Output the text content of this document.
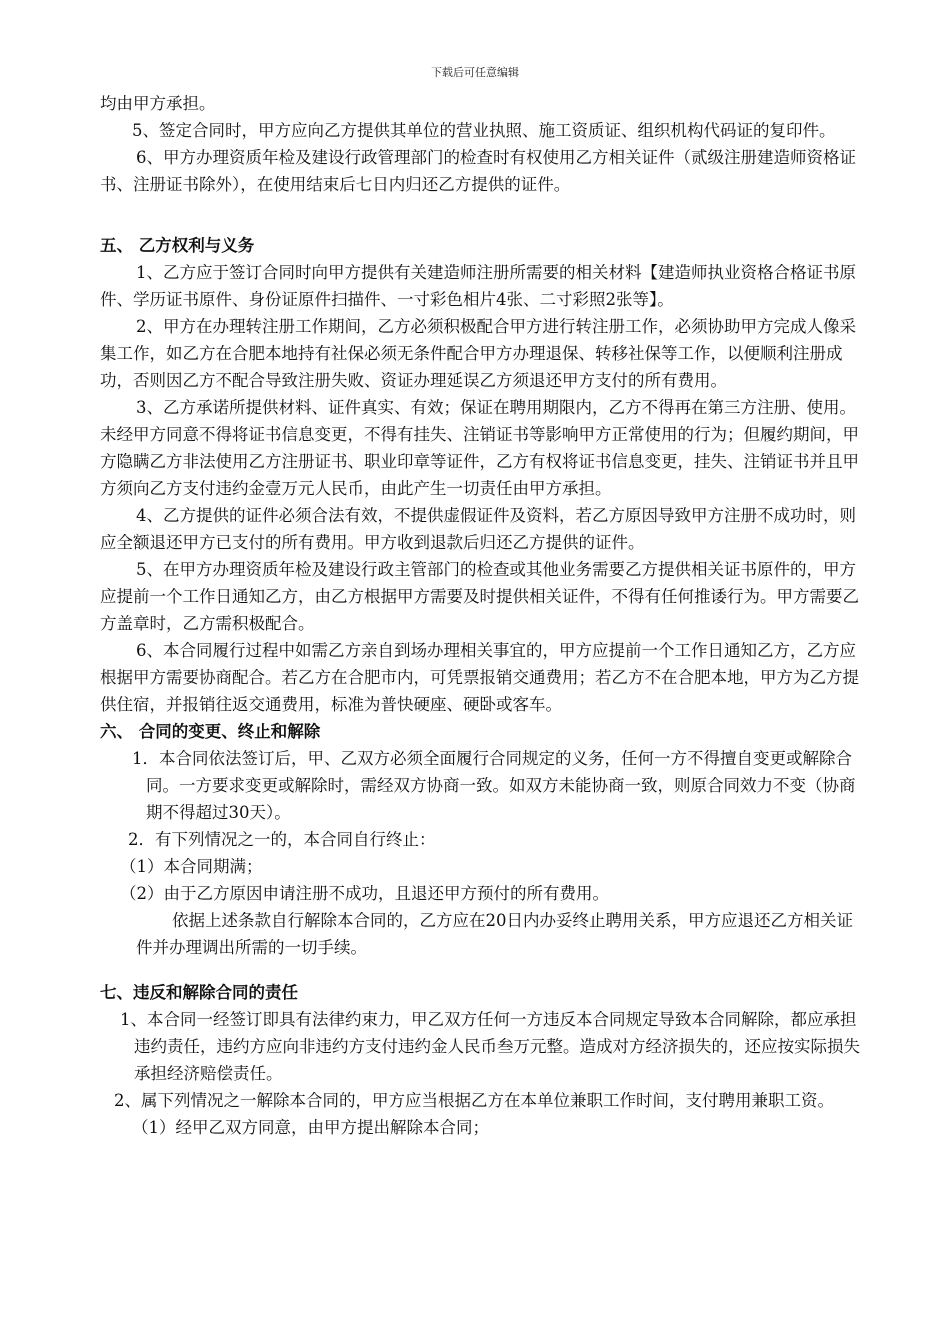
下载后可任意编辑

均由甲方承担。

5、签定合同时，甲方应向乙方提供其单位的营业执照、施工资质证、组织机构代码证的复印件。

6、甲方办理资质年检及建设行政管理部门的检查时有权使用乙方相关证件（贰级注册建造师资格证书、注册证书除外），在使用结束后七日内归还乙方提供的证件。

五、 乙方权利与义务

1、乙方应于签订合同时向甲方提供有关建造师注册所需要的相关材料【建造师执业资格合格证书原件、学历证书原件、身份证原件扫描件、一寸彩色相片4张、二寸彩照2张等】。

2、甲方在办理转注册工作期间，乙方必须积极配合甲方进行转注册工作，必须协助甲方完成人像采集工作，如乙方在合肥本地持有社保必须无条件配合甲方办理退保、转移社保等工作，以便顺利注册成功，否则因乙方不配合导致注册失败、资证办理延误乙方须退还甲方支付的所有费用。

3、乙方承诺所提供材料、证件真实、有效；保证在聘用期限内，乙方不得再在第三方注册、使用。未经甲方同意不得将证书信息变更，不得有挂失、注销证书等影响甲方正常使用的行为；但履约期间，甲方隐瞒乙方非法使用乙方注册证书、职业印章等证件，乙方有权将证书信息变更，挂失、注销证书并且甲方须向乙方支付违约金壹万元人民币，由此产生一切责任由甲方承担。

4、乙方提供的证件必须合法有效，不提供虚假证件及资料，若乙方原因导致甲方注册不成功时，则应全额退还甲方已支付的所有费用。甲方收到退款后归还乙方提供的证件。

5、在甲方办理资质年检及建设行政主管部门的检查或其他业务需要乙方提供相关证书原件的，甲方应提前一个工作日通知乙方，由乙方根据甲方需要及时提供相关证件，不得有任何推诿行为。甲方需要乙方盖章时，乙方需积极配合。

6、本合同履行过程中如需乙方亲自到场办理相关事宜的，甲方应提前一个工作日通知乙方，乙方应根据甲方需要协商配合。若乙方在合肥市内，可凭票报销交通费用；若乙方不在合肥本地，甲方为乙方提供住宿，并报销往返交通费用，标准为普快硬座、硬卧或客车。

六、 合同的变更、终止和解除

1．本合同依法签订后，甲、乙双方必须全面履行合同规定的义务，任何一方不得擅自变更或解除合同。一方要求变更或解除时，需经双方协商一致。如双方未能协商一致，则原合同效力不变（协商期不得超过30天）。

2．有下列情况之一的，本合同自行终止：

（1）本合同期满；

（2）由于乙方原因申请注册不成功，且退还甲方预付的所有费用。

依据上述条款自行解除本合同的，乙方应在20日内办妥终止聘用关系，甲方应退还乙方相关证件并办理调出所需的一切手续。

七、违反和解除合同的责任

1、本合同一经签订即具有法律约束力，甲乙双方任何一方违反本合同规定导致本合同解除，都应承担违约责任，违约方应向非违约方支付违约金人民币叁万元整。造成对方经济损失的，还应按实际损失承担经济赔偿责任。

2、属下列情况之一解除本合同的，甲方应当根据乙方在本单位兼职工作时间，支付聘用兼职工资。

（1）经甲乙双方同意，由甲方提出解除本合同；
